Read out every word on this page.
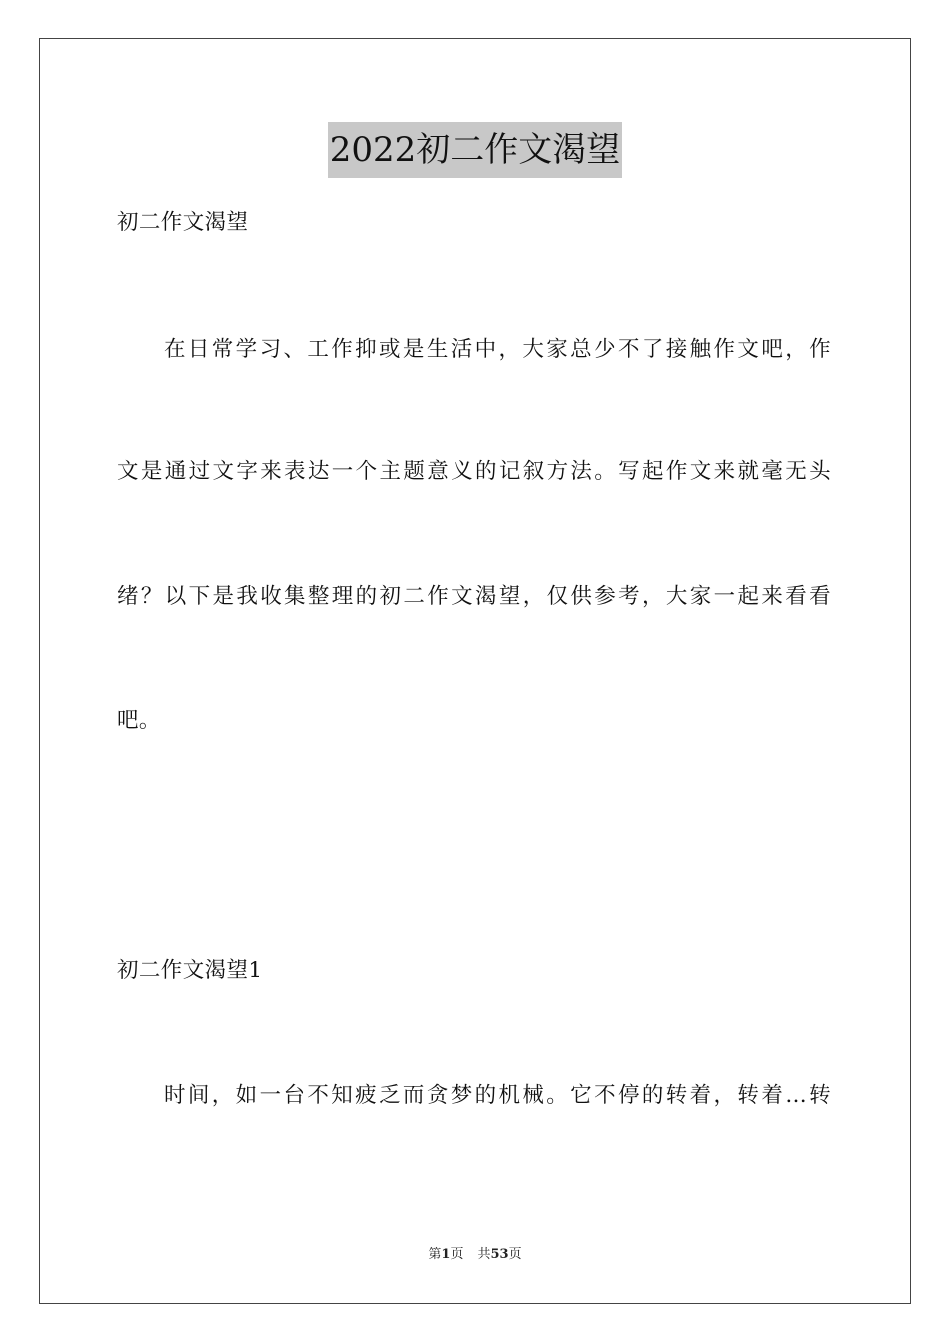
2022初二作文渴望
初二作文渴望
在日常学习、工作抑或是生活中，大家总少不了接触作文吧，作
文是通过文字来表达一个主题意义的记叙方法。写起作文来就毫无头
绪？以下是我收集整理的初二作文渴望，仅供参考，大家一起来看看
吧。
初二作文渴望1
时间，如一台不知疲乏而贪梦的机械。它不停的转着，转着…转
第1页 共53页
